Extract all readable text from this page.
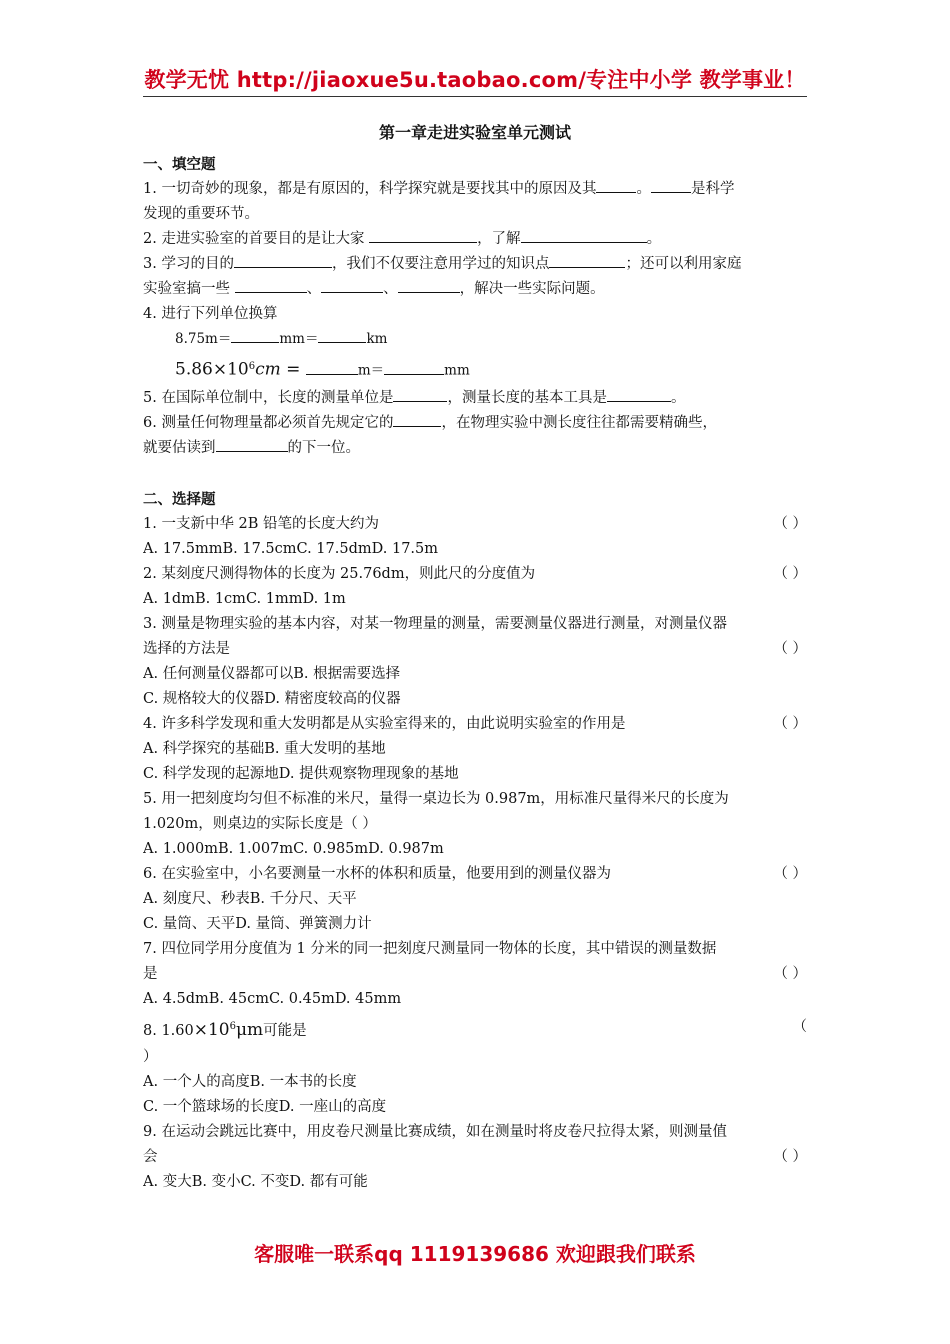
教学无忧 http://jiaoxue5u.taobao.com/专注中小学 教学事业！
第一章走进实验室单元测试
一、填空题
1. 一切奇妙的现象，都是有原因的，科学探究就是要找其中的原因及其	。	是科学
发现的重要环节。
2. 走进实验室的首要目的是让大家	，了解	。
3. 学习的目的	，我们不仅要注意用学过的知识点	；还可以利用家庭
实验室搞一些	、	、	，解决一些实际问题。
4. 进行下列单位换算
8.75m＝	mm＝	km
$5.86\times 10^6cm$ =	m＝	mm
5. 在国际单位制中，长度的测量单位是	，测量长度的基本工具是	。
6. 测量任何物理量都必须首先规定它的	，在物理实验中测长度往往都需要精确些，
就要估读到	的下一位。
二、选择题
1. 一支新中华 2B 铅笔的长度大约为	（ ）
A. 17.5mmB. 17.5cmC. 17.5dmD. 17.5m
2. 某刻度尺测得物体的长度为 25.76dm，则此尺的分度值为	（ ）
A. 1dmB. 1cmC. 1mmD. 1m
3. 测量是物理实验的基本内容，对某一物理量的测量，需要测量仪器进行测量，对测量仪器
选择的方法是	（ ）
A. 任何测量仪器都可以B. 根据需要选择
C. 规格较大的仪器D. 精密度较高的仪器
4. 许多科学发现和重大发明都是从实验室得来的，由此说明实验室的作用是	（ ）
A. 科学探究的基础B. 重大发明的基地
C. 科学发现的起源地D. 提供观察物理现象的基地
5. 用一把刻度均匀但不标准的米尺，量得一桌边长为 0.987m，用标准尺量得米尺的长度为
1.020m，则桌边的实际长度是（ ）
A. 1.000mB. 1.007mC. 0.985mD. 0.987m
6. 在实验室中，小名要测量一水杯的体积和质量，他要用到的测量仪器为	（ ）
A. 刻度尺、秒表B. 千分尺、天平
C. 量筒、天平D. 量筒、弹簧测力计
7. 四位同学用分度值为 1 分米的同一把刻度尺测量同一物体的长度，其中错误的测量数据
是	（ ）
A. 4.5dmB. 45cmC. 0.45mD. 45mm
8. $1.60\times 10^6\mu m$可能是	（
）
A. 一个人的高度B. 一本书的长度
C. 一个篮球场的长度D. 一座山的高度
9. 在运动会跳远比赛中，用皮卷尺测量比赛成绩，如在测量时将皮卷尺拉得太紧，则测量值
会	（ ）
A. 变大B. 变小C. 不变D. 都有可能
客服唯一联系qq 1119139686 欢迎跟我们联系
